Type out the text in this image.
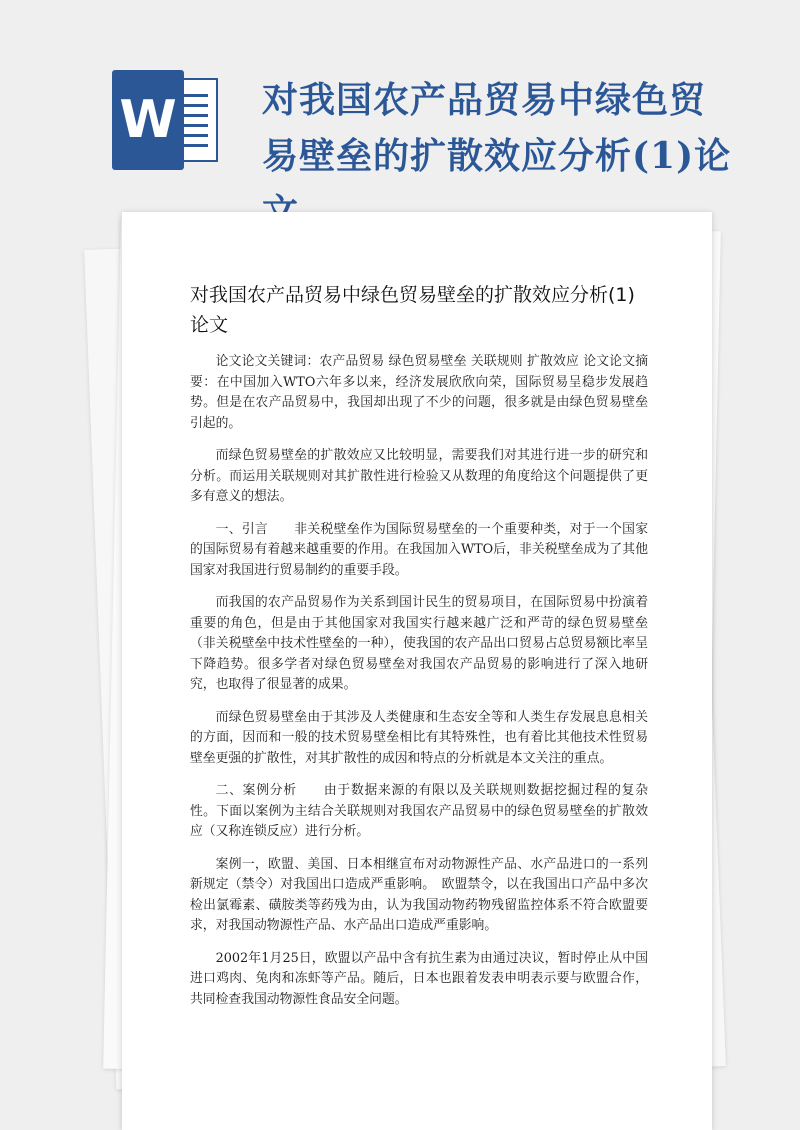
W 对我国农产品贸易中绿色贸易壁垒的扩散效应分析(1)论
对我国农产品贸易中绿色贸易壁垒的扩散效应分析(1)论文

论文论文关键词：农产品贸易 绿色贸易壁垒 关联规则 扩散效应 论文论文摘要：在中国加入WTO六年多以来，经济发展欣欣向荣，国际贸易呈稳步发展趋势。但是在农产品贸易中，我国却出现了不少的问题，很多就是由绿色贸易壁垒引起的。

而绿色贸易壁垒的扩散效应又比较明显，需要我们对其进行进一步的研究和分析。而运用关联规则对其扩散性进行检验又从数理的角度给这个问题提供了更多有意义的想法。

一、引言　　非关税壁垒作为国际贸易壁垒的一个重要种类，对于一个国家的国际贸易有着越来越重要的作用。在我国加入WTO后，非关税壁垒成为了其他国家对我国进行贸易制约的重要手段。

而我国的农产品贸易作为关系到国计民生的贸易项目，在国际贸易中扮演着重要的角色，但是由于其他国家对我国实行越来越广泛和严苛的绿色贸易壁垒（非关税壁垒中技术性壁垒的一种），使我国的农产品出口贸易占总贸易额比率呈下降趋势。很多学者对绿色贸易壁垒对我国农产品贸易的影响进行了深入地研究，也取得了很显著的成果。

而绿色贸易壁垒由于其涉及人类健康和生态安全等和人类生存发展息息相关的方面，因而和一般的技术贸易壁垒相比有其特殊性，也有着比其他技术性贸易壁垒更强的扩散性，对其扩散性的成因和特点的分析就是本文关注的重点。

二、案例分析　　由于数据来源的有限以及关联规则数据挖掘过程的复杂性。下面以案例为主结合关联规则对我国农产品贸易中的绿色贸易壁垒的扩散效应（又称连锁反应）进行分析。

案例一，欧盟、美国、日本相继宣布对动物源性产品、水产品进口的一系列新规定（禁令）对我国出口造成严重影响。　欧盟禁令，以在我国出口产品中多次检出氯霉素、磺胺类等药残为由，认为我国动物药物残留监控体系不符合欧盟要求，对我国动物源性产品、水产品出口造成严重影响。

2002年1月25日，欧盟以产品中含有抗生素为由通过决议，暂时停止从中国进口鸡肉、兔肉和冻虾等产品。随后，日本也跟着发表申明表示要与欧盟合作，共同检查我国动物源性食品安全问题。
